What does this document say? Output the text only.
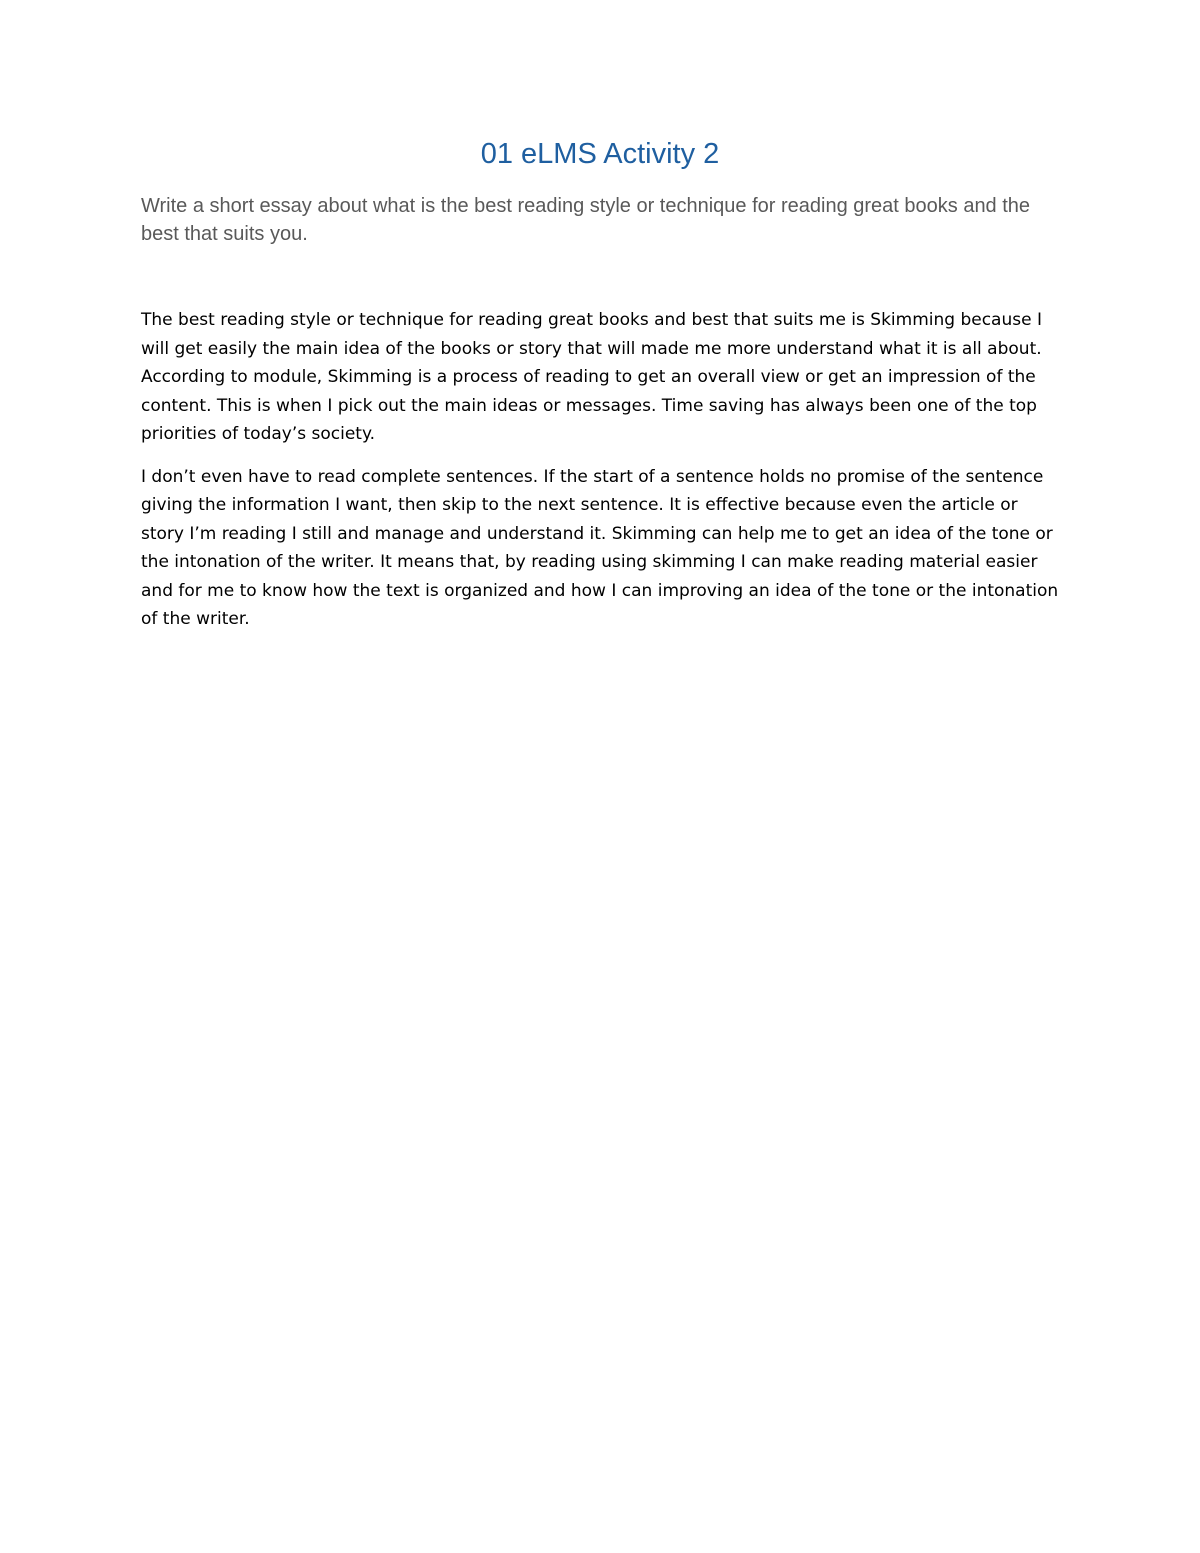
01 eLMS Activity 2

Write a short essay about what is the best reading style or technique for reading great books and the best that suits you.

The best reading style or technique for reading great books and best that suits me is Skimming because I will get easily the main idea of the books or story that will made me more understand what it is all about. According to module, Skimming is a process of reading to get an overall view or get an impression of the content. This is when I pick out the main ideas or messages. Time saving has always been one of the top priorities of today’s society.

I don’t even have to read complete sentences. If the start of a sentence holds no promise of the sentence giving the information I want, then skip to the next sentence. It is effective because even the article or story I’m reading I still and manage and understand it. Skimming can help me to get an idea of the tone or the intonation of the writer. It means that, by reading using skimming I can make reading material easier and for me to know how the text is organized and how I can improving an idea of the tone or the intonation of the writer.
